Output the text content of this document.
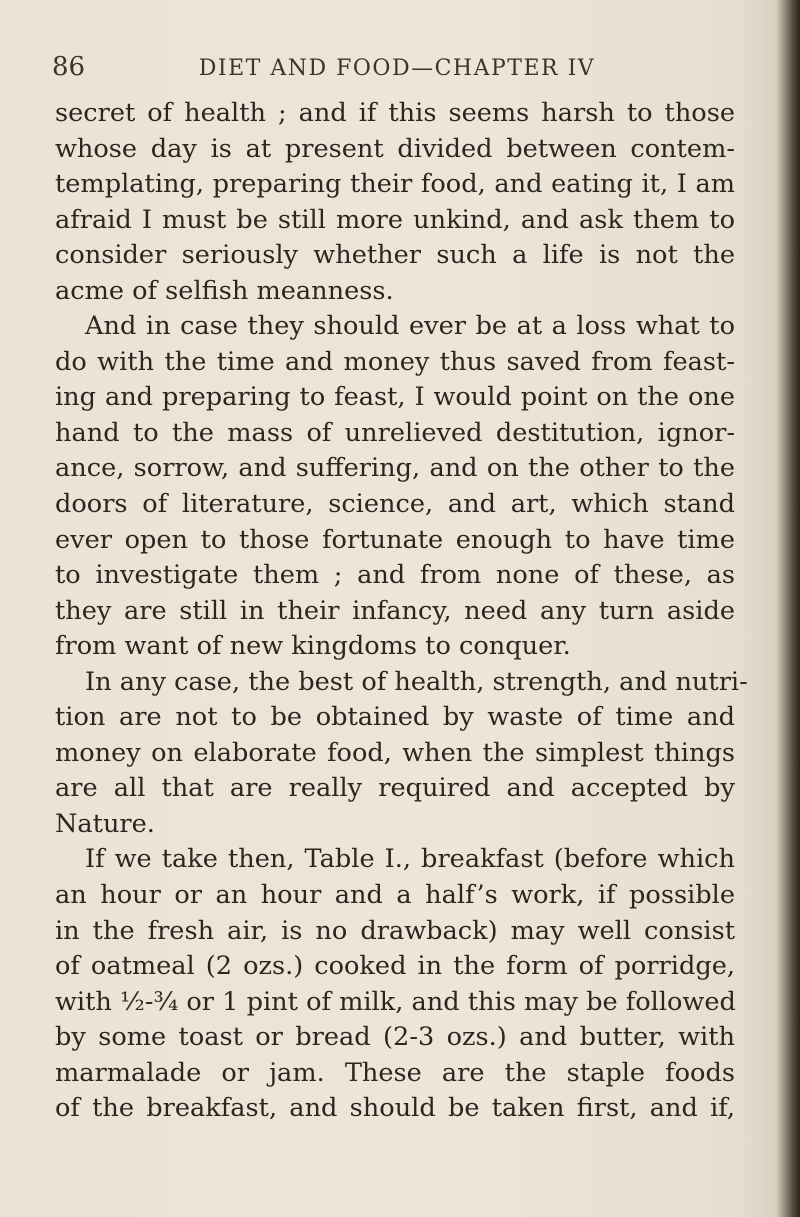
86	DIET AND FOOD—CHAPTER IV
secret of health ; and if this seems harsh to those
whose day is at present divided between contem-
templating, preparing their food, and eating it, I am
afraid I must be still more unkind, and ask them to
consider seriously whether such a life is not the
acme of selfish meanness.
And in case they should ever be at a loss what to
do with the time and money thus saved from feast-
ing and preparing to feast, I would point on the one
hand to the mass of unrelieved destitution, ignor-
ance, sorrow, and suffering, and on the other to the
doors of literature, science, and art, which stand
ever open to those fortunate enough to have time
to investigate them ; and from none of these, as
they are still in their infancy, need any turn aside
from want of new kingdoms to conquer.
In any case, the best of health, strength, and nutri-
tion are not to be obtained by waste of time and
money on elaborate food, when the simplest things
are all that are really required and accepted by
Nature.
If we take then, Table I., breakfast (before which
an hour or an hour and a half’s work, if possible
in the fresh air, is no drawback) may well consist
of oatmeal (2 ozs.) cooked in the form of porridge,
with ½-¾ or 1 pint of milk, and this may be followed
by some toast or bread (2-3 ozs.) and butter, with
marmalade or jam. These are the staple foods
of the breakfast, and should be taken first, and if,
